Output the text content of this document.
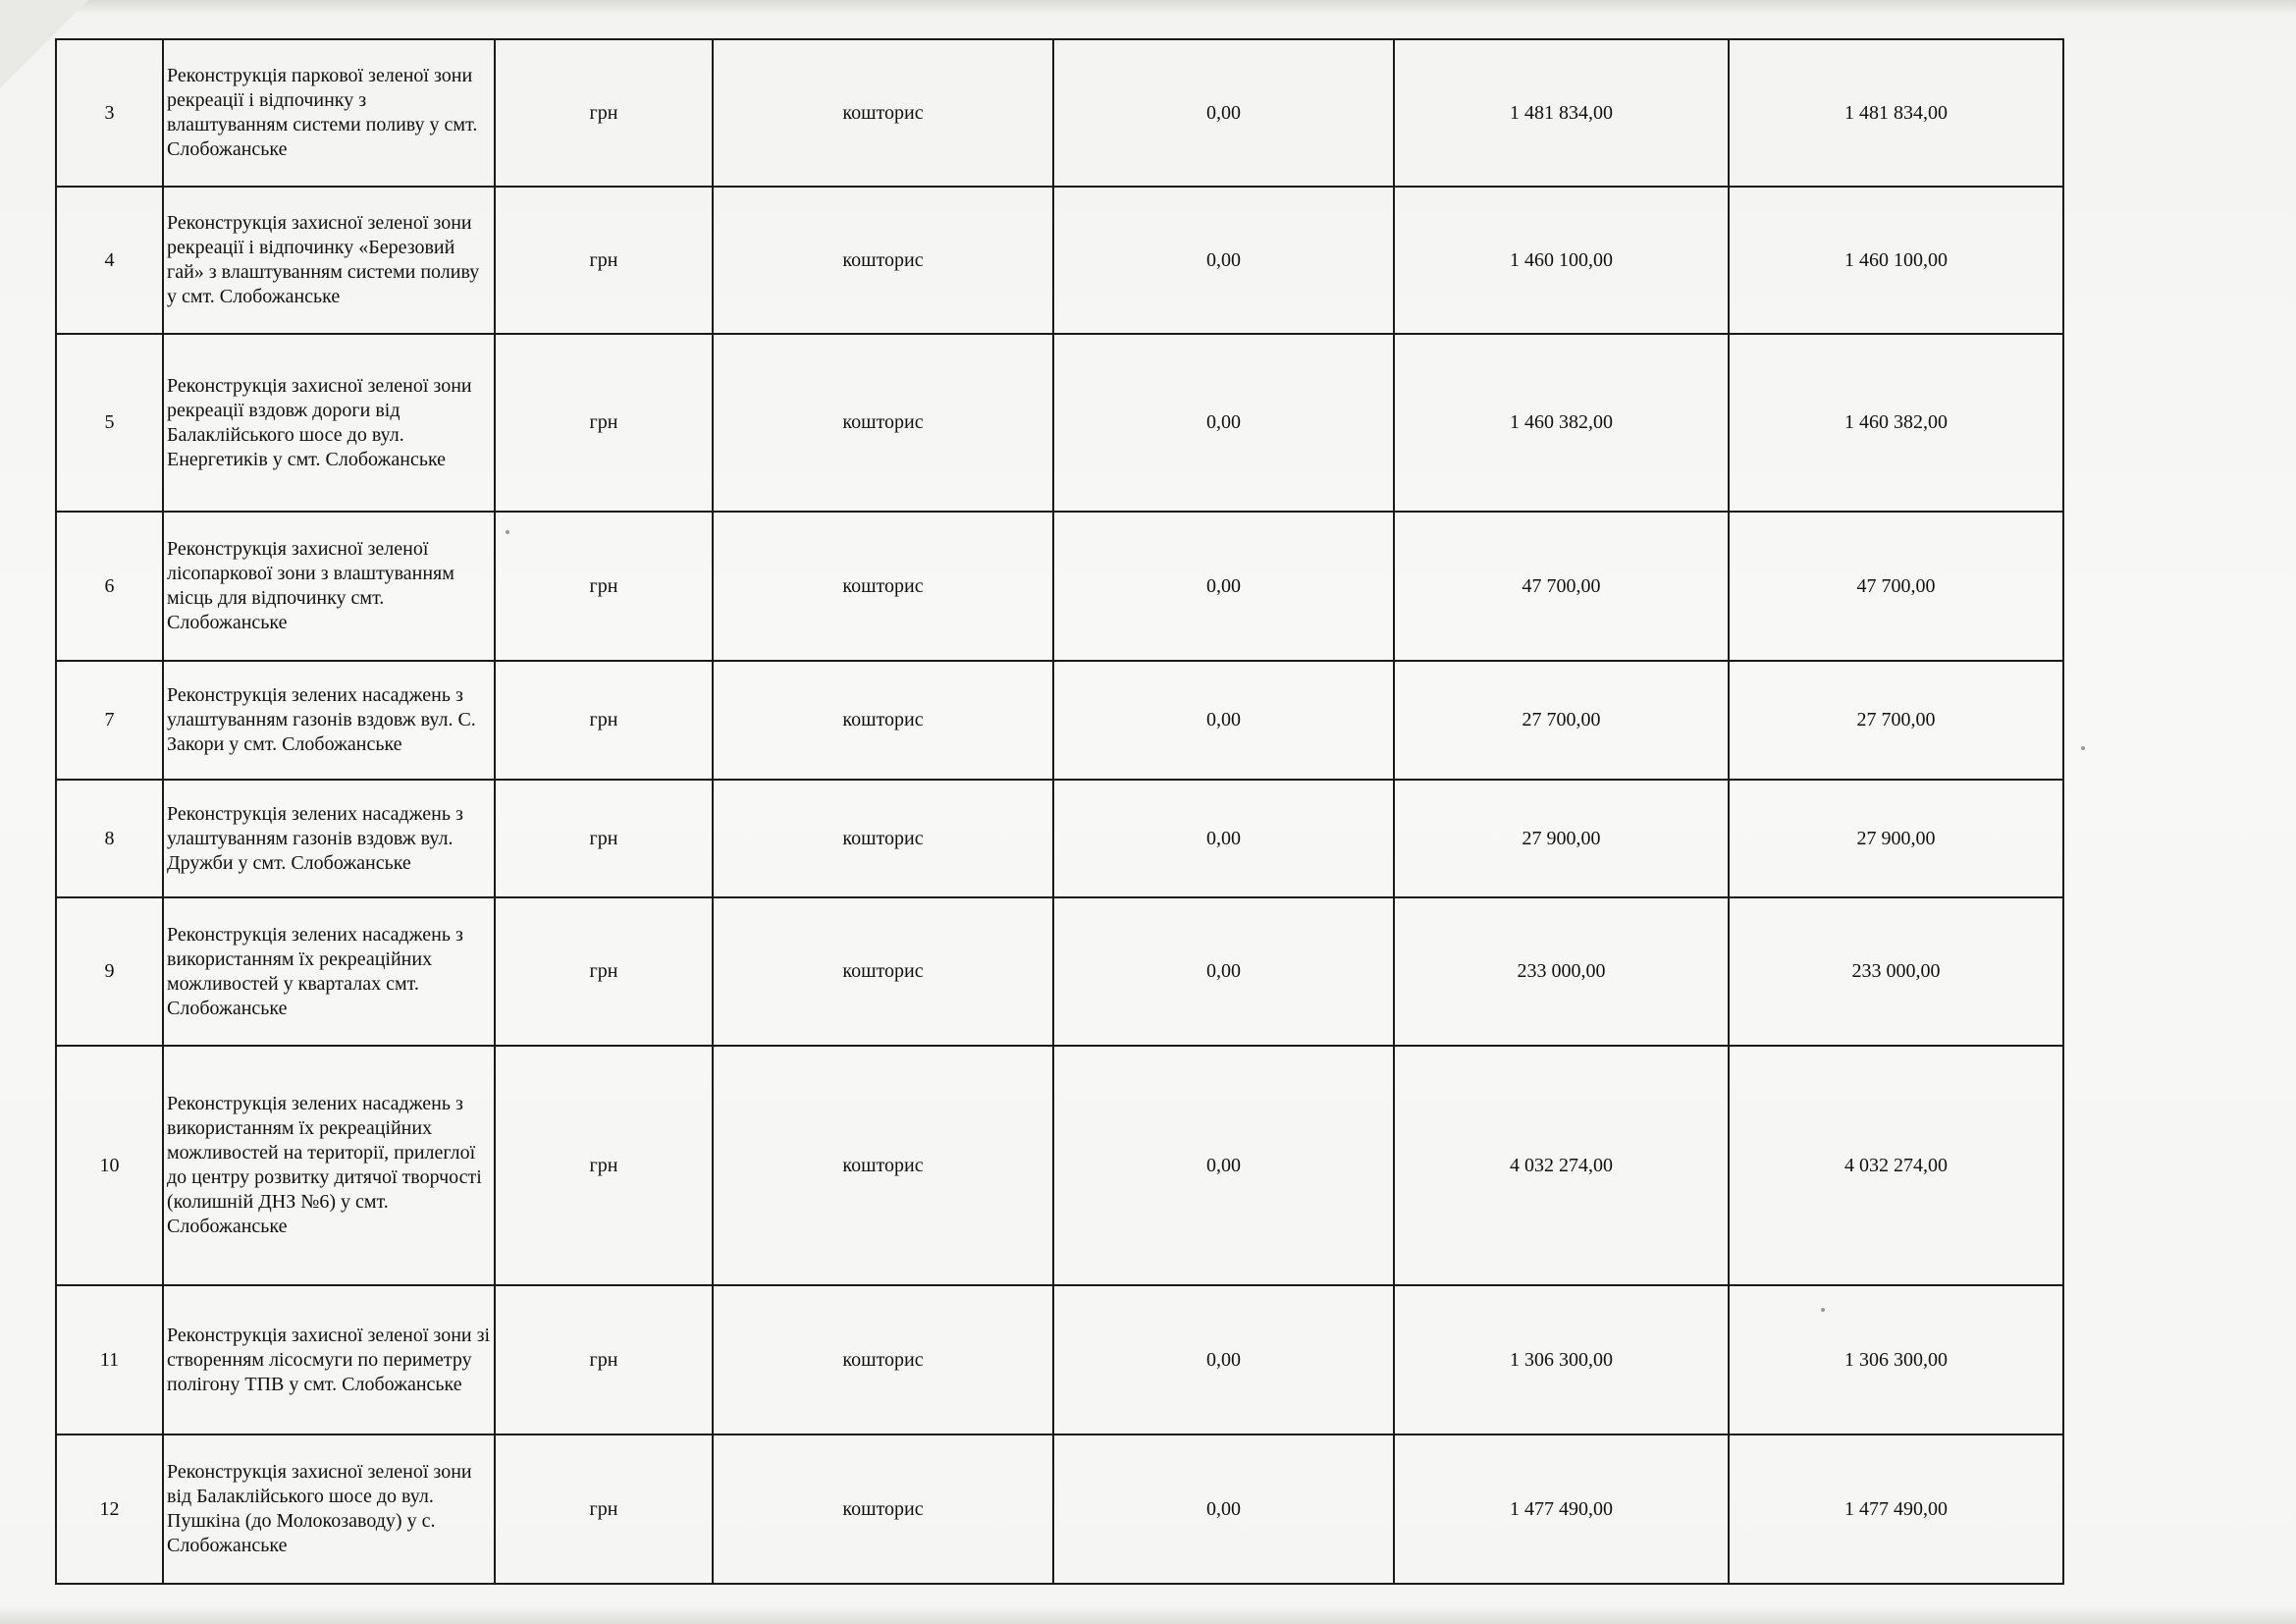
3	Реконструкція паркової зеленої зони рекреації і відпочинку з влаштуванням системи поливу у смт. Слобожанське	грн	кошторис	0,00	1 481 834,00	1 481 834,00
4	Реконструкція захисної зеленої зони рекреації і відпочинку «Березовий гай» з влаштуванням системи поливу у смт. Слобожанське	грн	кошторис	0,00	1 460 100,00	1 460 100,00
5	Реконструкція захисної зеленої зони рекреації вздовж дороги від Балаклійського шосе до вул. Енергетиків у смт. Слобожанське	грн	кошторис	0,00	1 460 382,00	1 460 382,00
6	Реконструкція захисної зеленої лісопаркової зони з влаштуванням місць для відпочинку смт. Слобожанське	грн	кошторис	0,00	47 700,00	47 700,00
7	Реконструкція зелених насаджень з улаштуванням газонів вздовж вул. С. Закори у смт. Слобожанське	грн	кошторис	0,00	27 700,00	27 700,00
8	Реконструкція зелених насаджень з улаштуванням газонів вздовж вул. Дружби у смт. Слобожанське	грн	кошторис	0,00	27 900,00	27 900,00
9	Реконструкція зелених насаджень з використанням їх рекреаційних можливостей у кварталах смт. Слобожанське	грн	кошторис	0,00	233 000,00	233 000,00
10	Реконструкція зелених насаджень з використанням їх рекреаційних можливостей на території, прилеглої до центру розвитку дитячої творчості (колишній ДНЗ №6) у смт. Слобожанське	грн	кошторис	0,00	4 032 274,00	4 032 274,00
11	Реконструкція захисної зеленої зони зі створенням лісосмуги по периметру полігону ТПВ у смт. Слобожанське	грн	кошторис	0,00	1 306 300,00	1 306 300,00
12	Реконструкція захисної зеленої зони від Балаклійського шосе до вул. Пушкіна (до Молокозаводу) у с. Слобожанське	грн	кошторис	0,00	1 477 490,00	1 477 490,00
